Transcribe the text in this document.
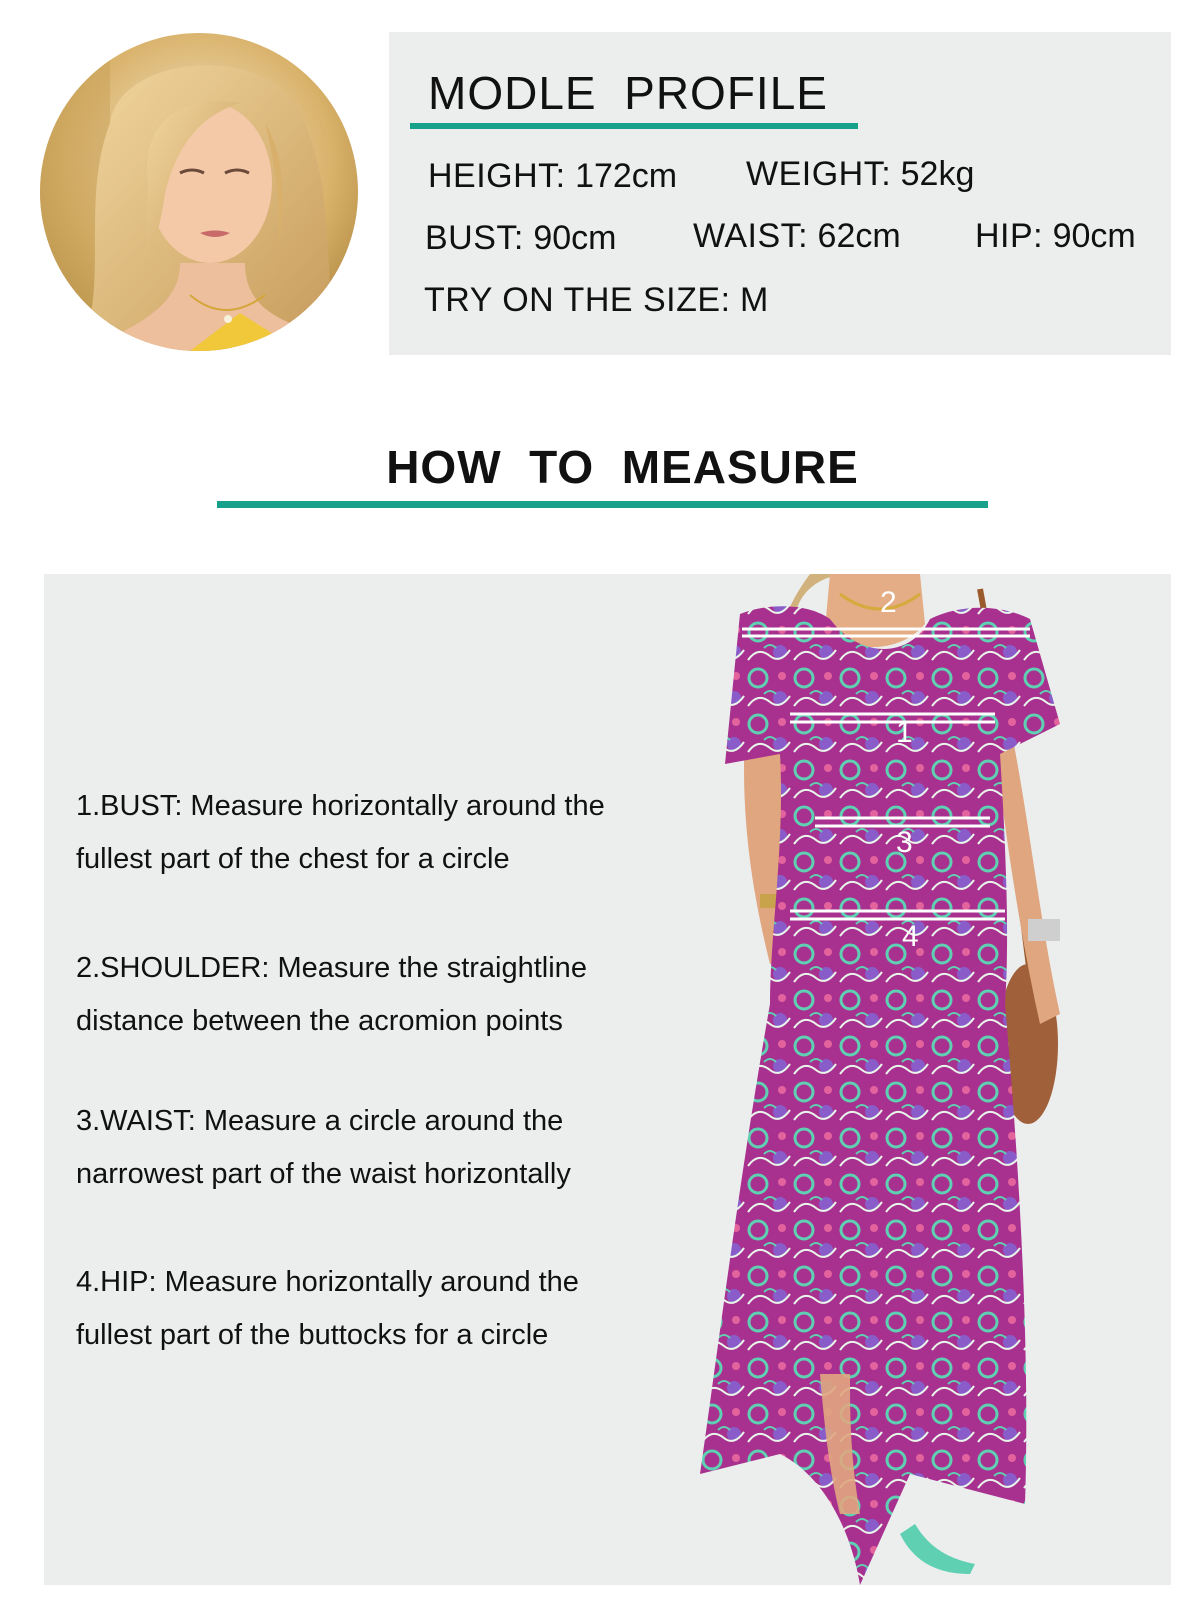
MODLE  PROFILE
HEIGHT: 172cm WEIGHT: 52kg
BUST: 90cm WAIST: 62cm HIP: 90cm
TRY ON THE SIZE: M
HOW  TO  MEASURE
1.BUST: Measure horizontally around the
fullest part of the chest for a circle
2.SHOULDER: Measure the straightline
distance between the acromion points
3.WAIST: Measure a circle around the
narrowest part of the waist horizontally
4.HIP: Measure horizontally around the
fullest part of the buttocks for a circle
2
1
3
4
